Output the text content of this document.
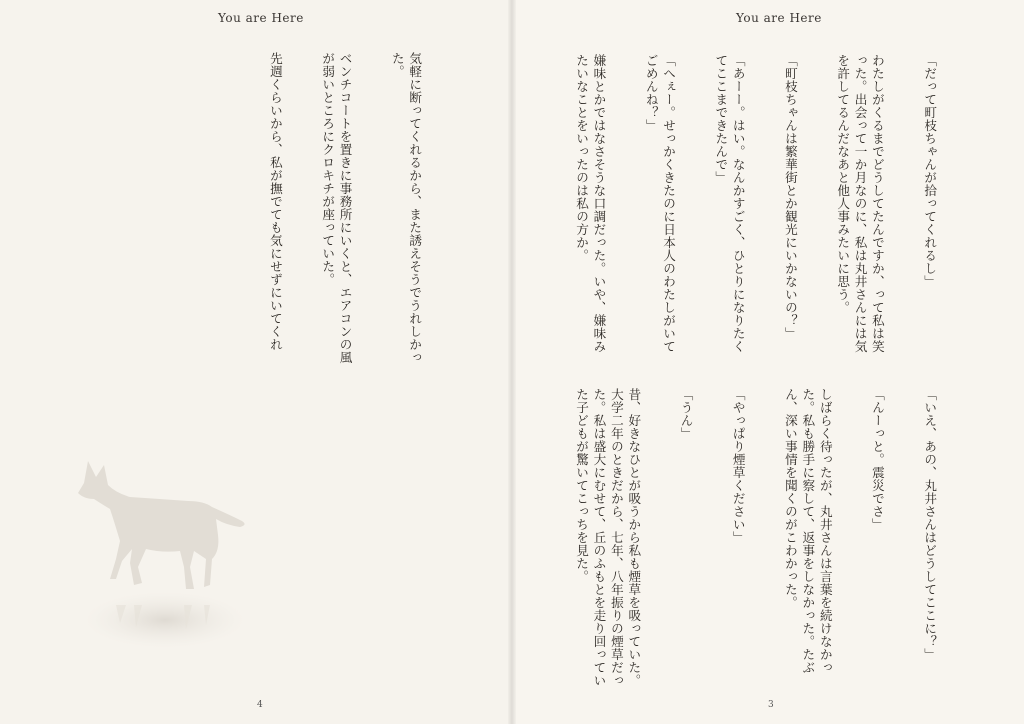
You are Here

気軽に断ってくれるから、また誘えそうでうれしかった。

ベンチコートを置きに事務所にいくと、エアコンの風が弱いところにクロキチが座っていた。

先週くらいから、私が撫でても気にせずにいてくれ

4
You are Here
3

「だって町枝ちゃんが拾ってくれるし」

わたしがくるまでどうしてたんですか、って私は笑った。出会って一か月なのに、私は丸井さんには気を許してるんだなあと他人事みたいに思う。

「町枝ちゃんは繁華街とか観光にいかないの？」

「あーー。はい。なんかすごく、ひとりになりたくてここまできたんで」

「へぇー。せっかくきたのに日本人のわたしがいてごめんね？」

嫌味とかではなさそうな口調だった。いや、嫌味みたいなことをいったのは私の方か。

「いえ、あの、丸井さんはどうしてここに？」

「んーっと。震災でさ」

しばらく待ったが、丸井さんは言葉を続けなかった。私も勝手に察して、返事をしなかった。たぶん、深い事情を聞くのがこわかった。

「やっぱり煙草ください」

「うん」

昔、好きなひとが吸うから私も煙草を吸っていた。大学二年のときだから、七年、八年振りの煙草だった。私は盛大にむせて、丘のふもとを走り回っていた子どもが驚いてこっちを見た。
